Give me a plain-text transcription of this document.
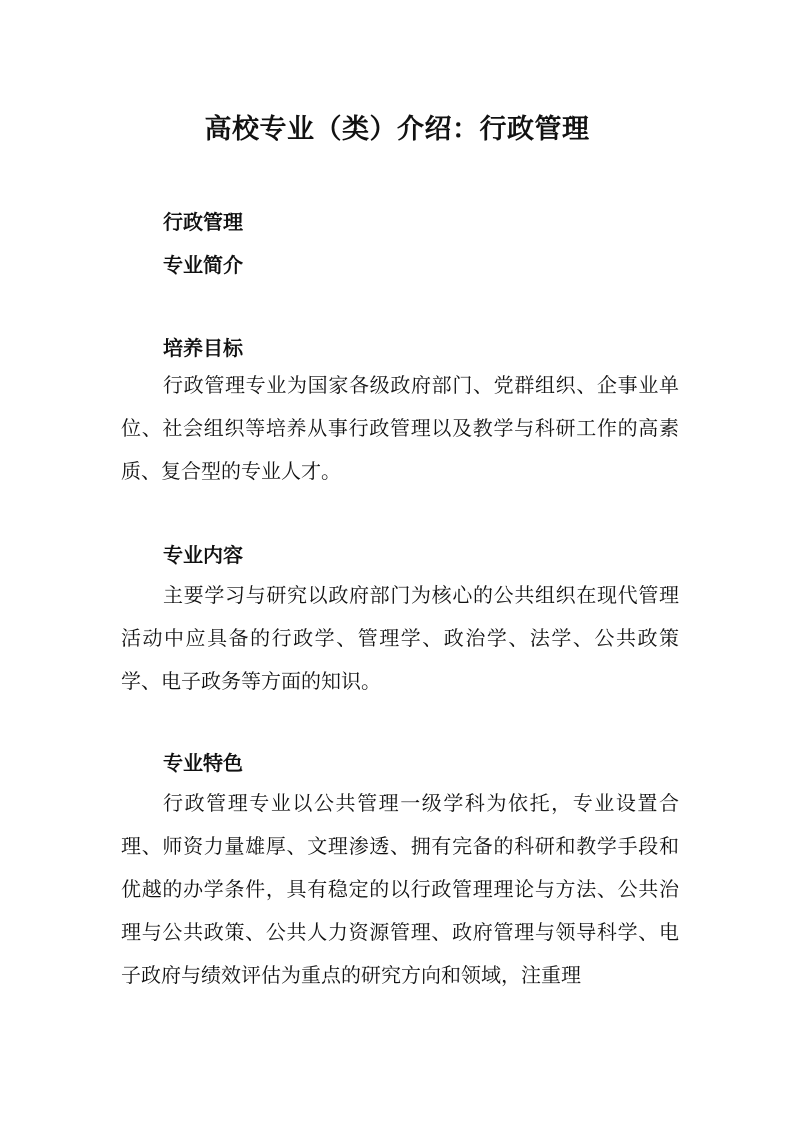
高校专业（类）介绍：行政管理
行政管理
专业简介
培养目标

行政管理专业为国家各级政府部门、党群组织、企事业单位、社会组织等培养从事行政管理以及教学与科研工作的高素质、复合型的专业人才。

专业内容

主要学习与研究以政府部门为核心的公共组织在现代管理活动中应具备的行政学、管理学、政治学、法学、公共政策学、电子政务等方面的知识。

专业特色

行政管理专业以公共管理一级学科为依托，专业设置合理、师资力量雄厚、文理渗透、拥有完备的科研和教学手段和优越的办学条件，具有稳定的以行政管理理论与方法、公共治理与公共政策、公共人力资源管理、政府管理与领导科学、电子政府与绩效评估为重点的研究方向和领域，注重理
